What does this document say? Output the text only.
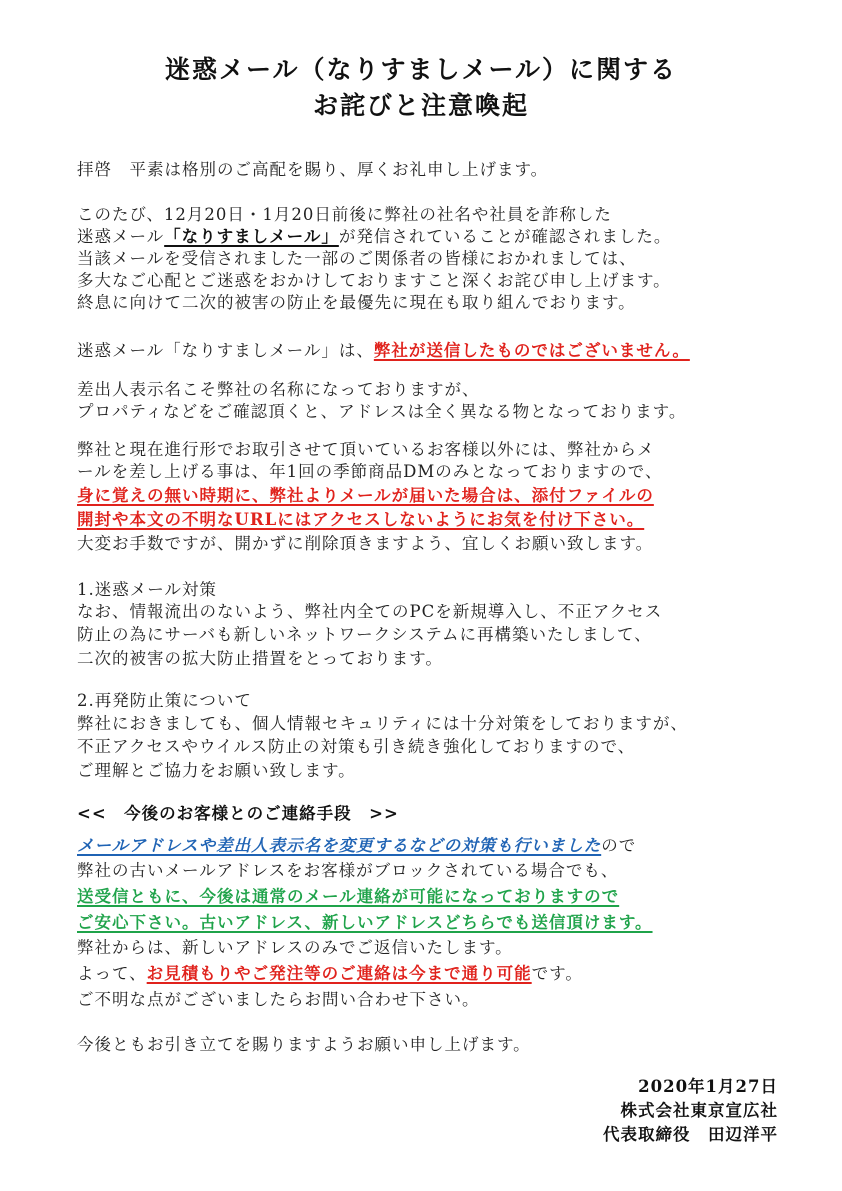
迷惑メール（なりすましメール）に関する
お詫びと注意喚起
拝啓　平素は格別のご高配を賜り、厚くお礼申し上げます。
このたび、12月20日・1月20日前後に弊社の社名や社員を詐称した
迷惑メール「なりすましメール」が発信されていることが確認されました。
当該メールを受信されました一部のご関係者の皆様におかれましては、
多大なご心配とご迷惑をおかけしておりますこと深くお詫び申し上げます。
終息に向けて二次的被害の防止を最優先に現在も取り組んでおります。
迷惑メール「なりすましメール」は、弊社が送信したものではございません。
差出人表示名こそ弊社の名称になっておりますが、
プロパティなどをご確認頂くと、アドレスは全く異なる物となっております。
弊社と現在進行形でお取引させて頂いているお客様以外には、弊社からメ
ールを差し上げる事は、年1回の季節商品DMのみとなっておりますので、
身に覚えの無い時期に、弊社よりメールが届いた場合は、添付ファイルの
開封や本文の不明なURLにはアクセスしないようにお気を付け下さい。
大変お手数ですが、開かずに削除頂きますよう、宜しくお願い致します。
1.迷惑メール対策
なお、情報流出のないよう、弊社内全てのPCを新規導入し、不正アクセス
防止の為にサーバも新しいネットワークシステムに再構築いたしまして、
二次的被害の拡大防止措置をとっております。
2.再発防止策について
弊社におきましても、個人情報セキュリティには十分対策をしておりますが、
不正アクセスやウイルス防止の対策も引き続き強化しておりますので、
ご理解とご協力をお願い致します。
<<　今後のお客様とのご連絡手段　>>
メールアドレスや差出人表示名を変更するなどの対策も行いましたので
弊社の古いメールアドレスをお客様がブロックされている場合でも、
送受信ともに、今後は通常のメール連絡が可能になっておりますので
ご安心下さい。古いアドレス、新しいアドレスどちらでも送信頂けます。
弊社からは、新しいアドレスのみでご返信いたします。
よって、お見積もりやご発注等のご連絡は今まで通り可能です。
ご不明な点がございましたらお問い合わせ下さい。
今後ともお引き立てを賜りますようお願い申し上げます。
2020年1月27日
株式会社東京宣広社
代表取締役　田辺洋平
